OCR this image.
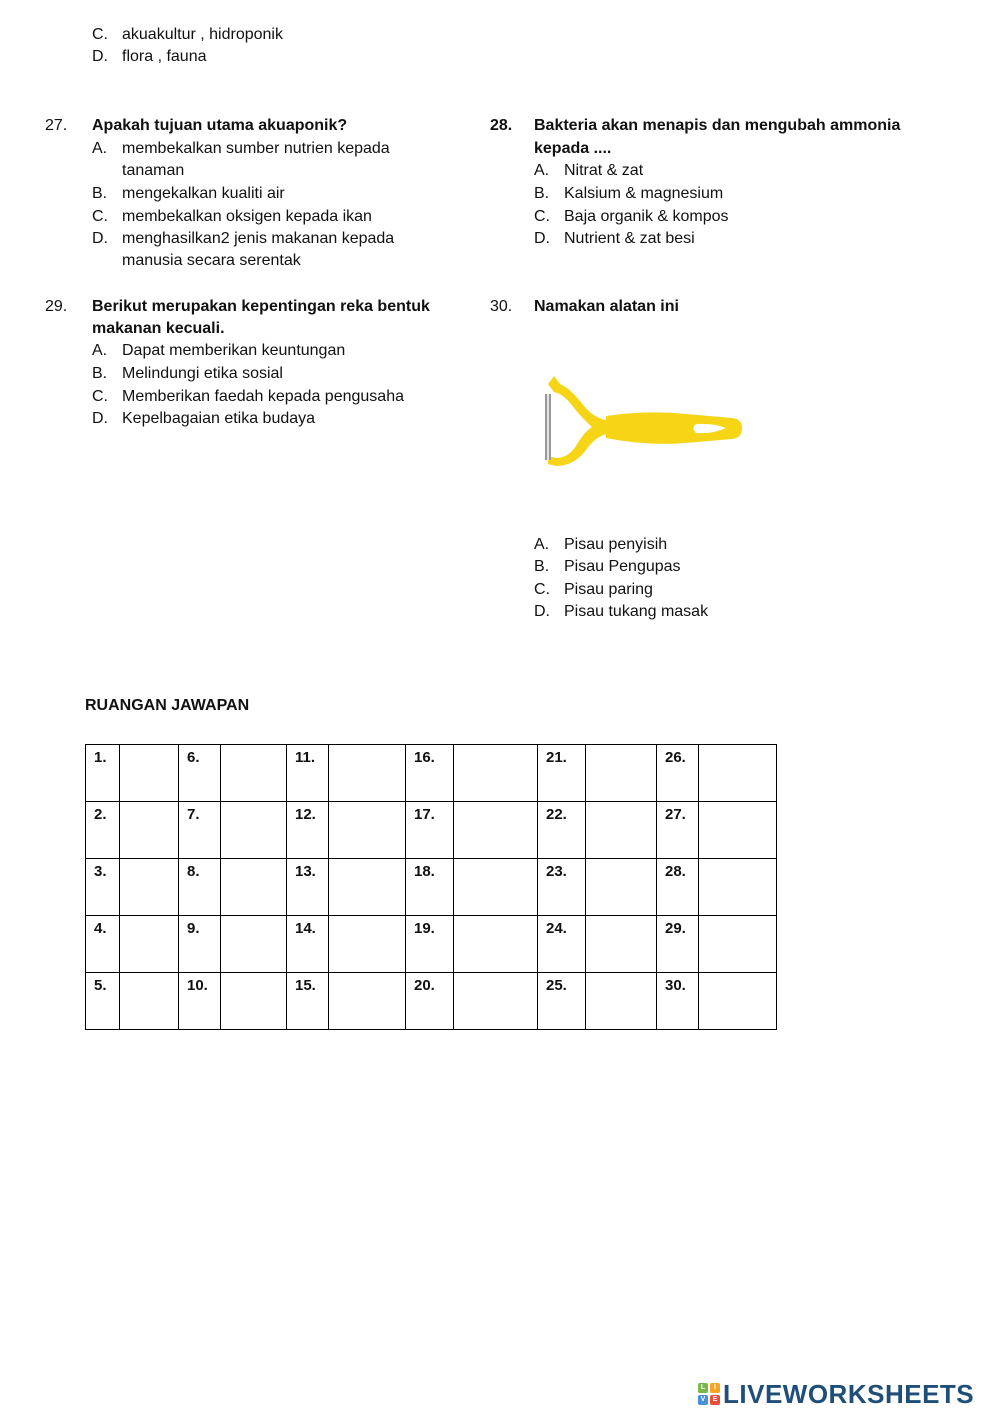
C. akuakultur , hidroponik
D. flora , fauna
27. Apakah tujuan utama akuaponik?
A. membekalkan sumber nutrien kepada
tanaman
B. mengekalkan kualiti air
C. membekalkan oksigen kepada ikan
D. menghasilkan2 jenis makanan kepada
manusia secara serentak
28. Bakteria akan menapis dan mengubah ammonia
kepada ....
A. Nitrat & zat
B. Kalsium & magnesium
C. Baja organik & kompos
D. Nutrient & zat besi
29. Berikut merupakan kepentingan reka bentuk
makanan kecuali.
A. Dapat memberikan keuntungan
B. Melindungi etika sosial
C. Memberikan faedah kepada pengusaha
D. Kepelbagaian etika budaya
30. Namakan alatan ini
A. Pisau penyisih
B. Pisau Pengupas
C. Pisau paring
D. Pisau tukang masak
RUANGAN JAWAPAN
1.		6.		11.		16.		21.		26.	

2.		7.		12.		17.		22.		27.	

3.		8.		13.		18.		23.		28.	

4.		9.		14.		19.		24.		29.	

5.		10.		15.		20.		25.		30.	

L	I
V	E LIVEWORKSHEETS
